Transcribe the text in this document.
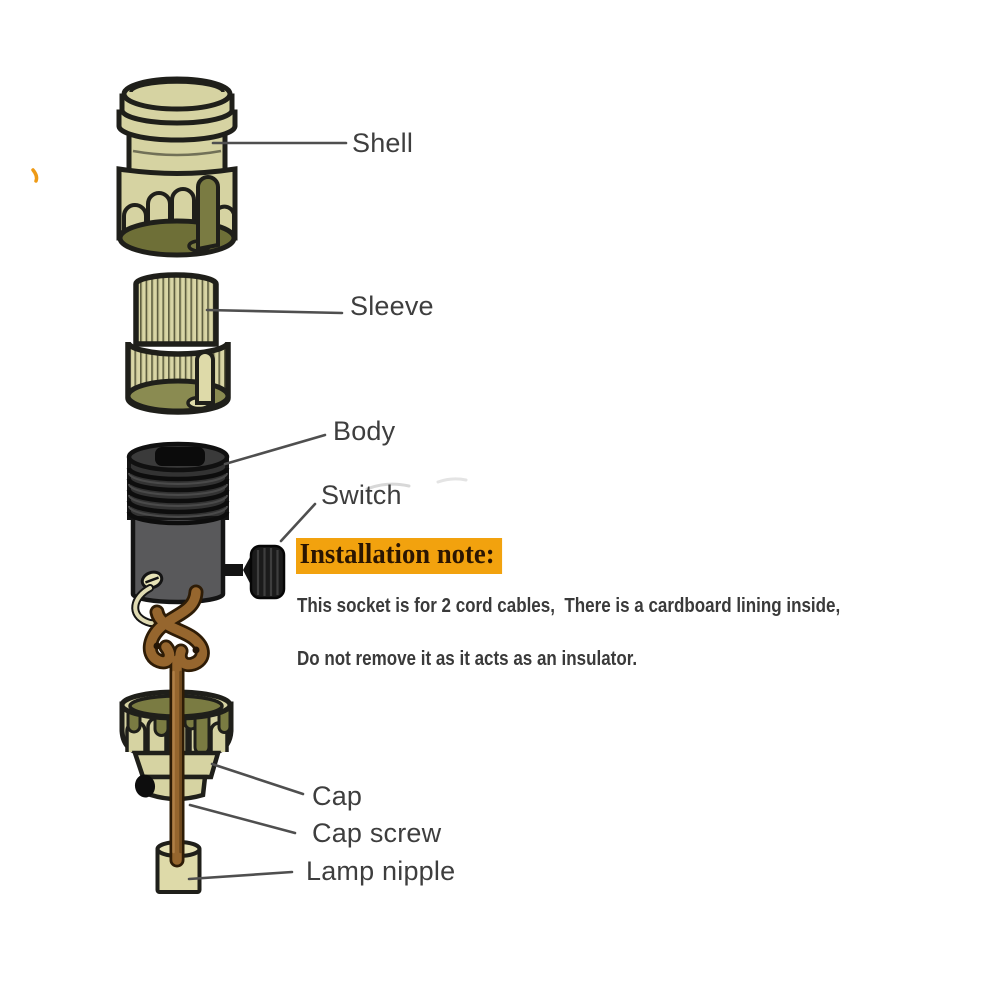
Shell
Sleeve
Body
Switch
Cap
Cap screw
Lamp nipple
Installation note:
This socket is for 2 cord cables,  There is a cardboard lining inside,
Do not remove it as it acts as an insulator.
